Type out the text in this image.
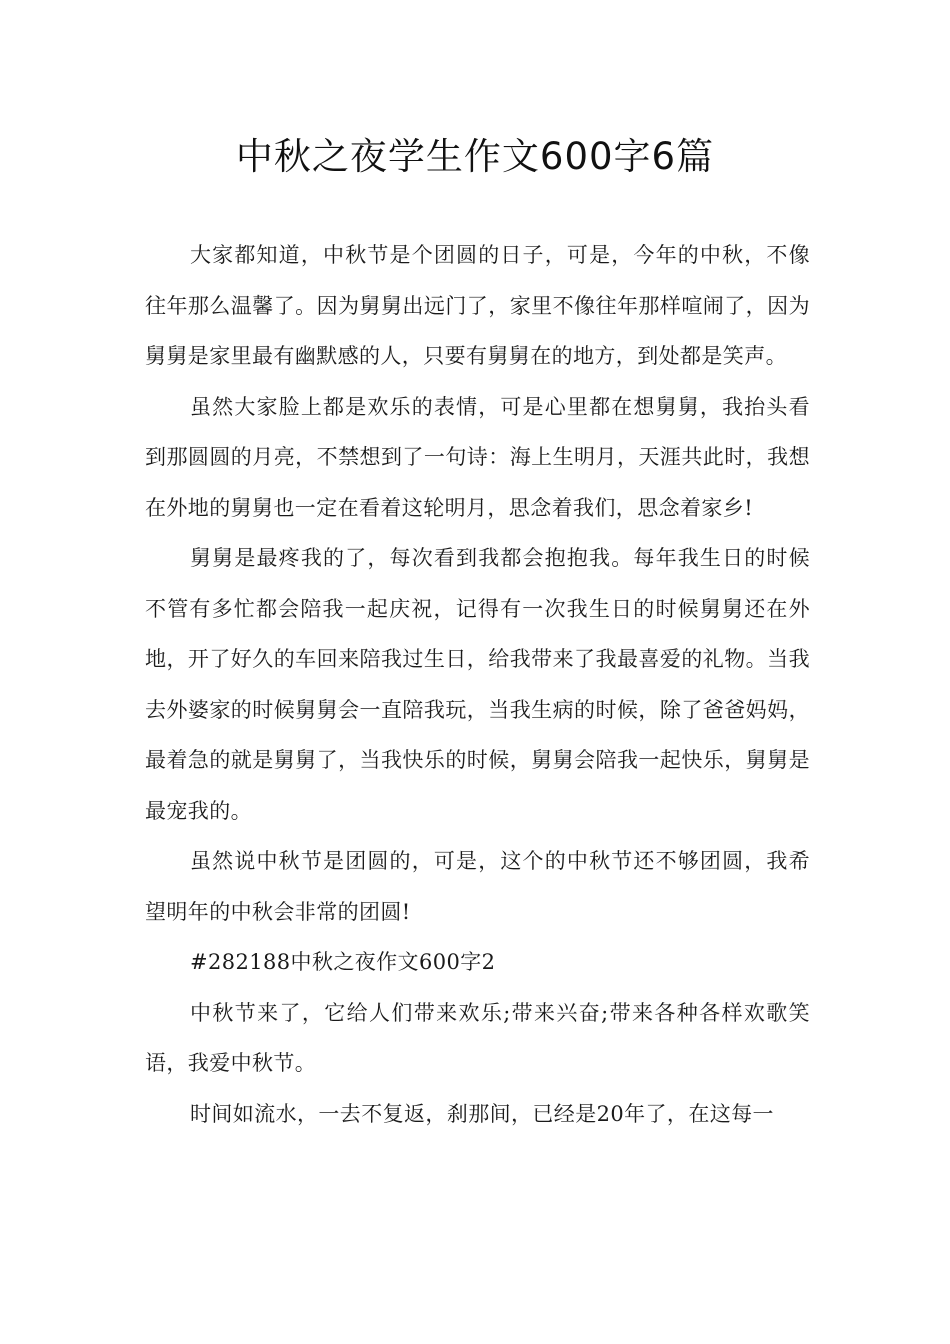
中秋之夜学生作文600字6篇

大家都知道，中秋节是个团圆的日子，可是，今年的中秋，不像往年那么温馨了。因为舅舅出远门了，家里不像往年那样喧闹了，因为舅舅是家里最有幽默感的人，只要有舅舅在的地方，到处都是笑声。

虽然大家脸上都是欢乐的表情，可是心里都在想舅舅，我抬头看到那圆圆的月亮，不禁想到了一句诗：海上生明月，天涯共此时，我想在外地的舅舅也一定在看着这轮明月，思念着我们，思念着家乡!

舅舅是最疼我的了，每次看到我都会抱抱我。每年我生日的时候不管有多忙都会陪我一起庆祝，记得有一次我生日的时候舅舅还在外地，开了好久的车回来陪我过生日，给我带来了我最喜爱的礼物。当我去外婆家的时候舅舅会一直陪我玩，当我生病的时候，除了爸爸妈妈，最着急的就是舅舅了，当我快乐的时候，舅舅会陪我一起快乐，舅舅是最宠我的。

虽然说中秋节是团圆的，可是，这个的中秋节还不够团圆，我希望明年的中秋会非常的团圆!

#282188中秋之夜作文600字2

中秋节来了，它给人们带来欢乐;带来兴奋;带来各种各样欢歌笑语，我爱中秋节。

时间如流水，一去不复返，刹那间，已经是20年了，在这每一
